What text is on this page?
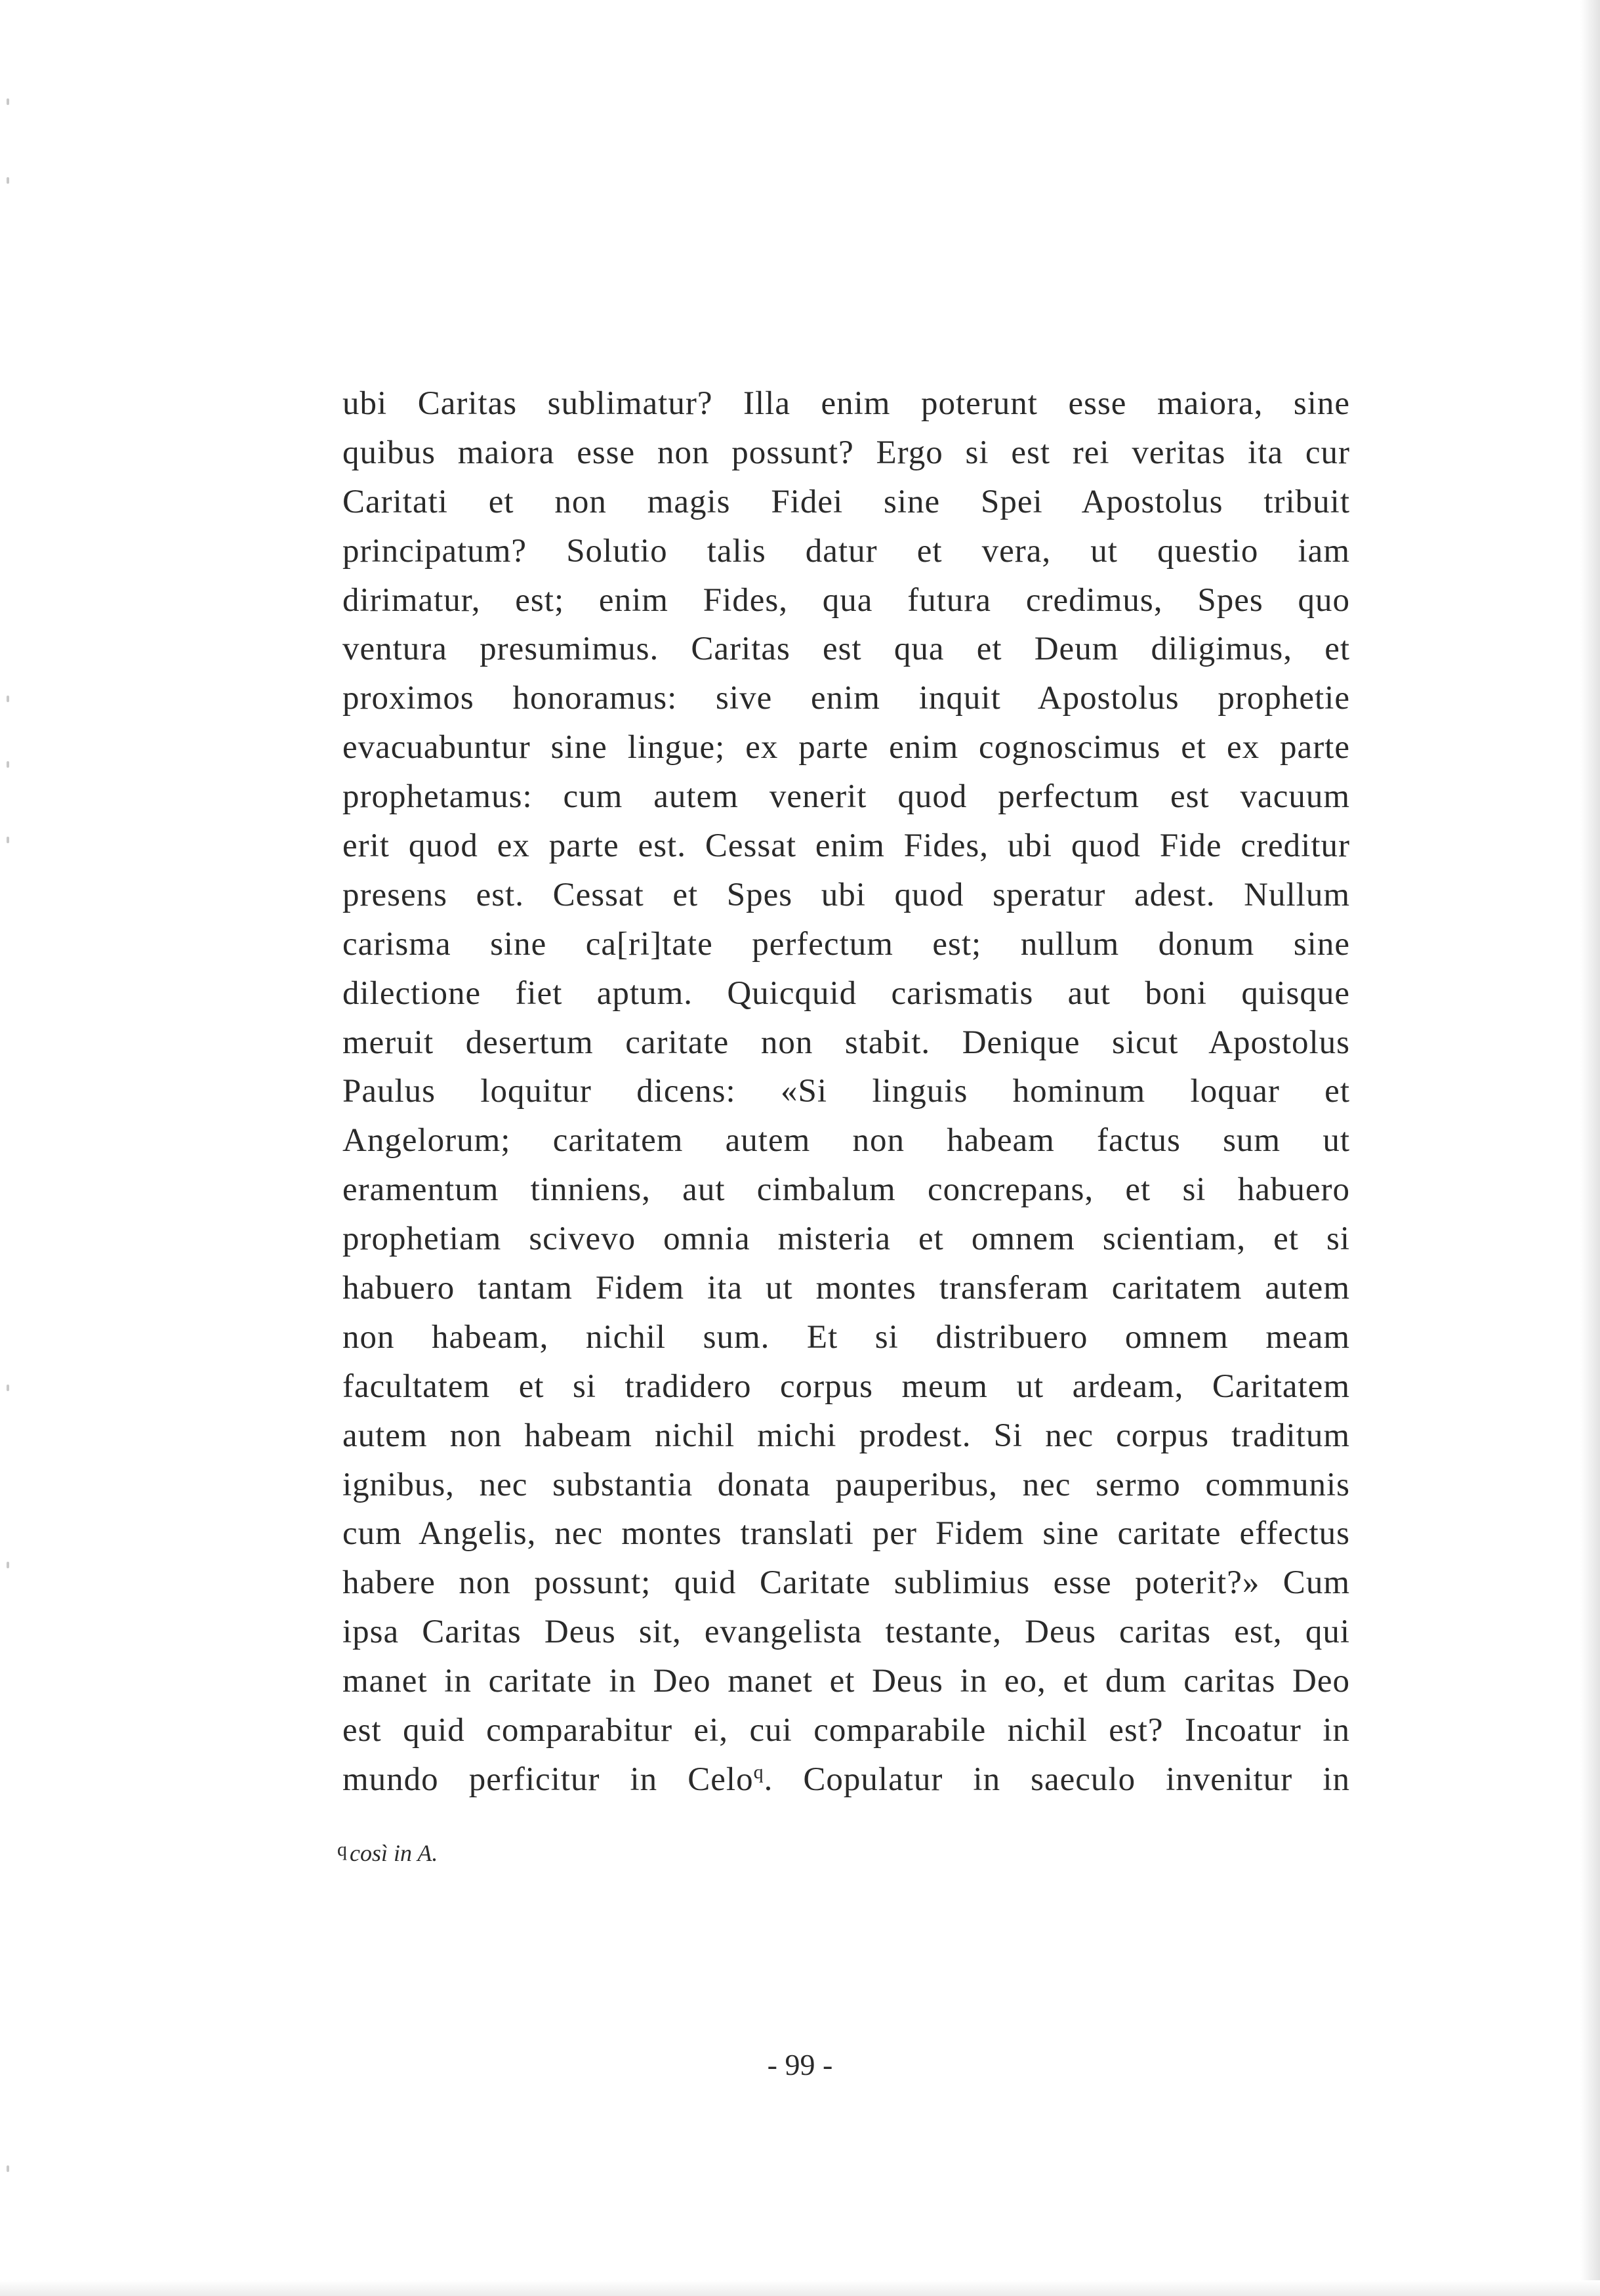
ubi Caritas sublimatur? Illa enim poterunt esse maiora, sine
quibus maiora esse non possunt? Ergo si est rei veritas ita cur
Caritati et non magis Fidei sine Spei Apostolus tribuit
principatum? Solutio talis datur et vera, ut questio iam
dirimatur, est; enim Fides, qua futura credimus, Spes quo
ventura presumimus. Caritas est qua et Deum diligimus, et
proximos honoramus: sive enim inquit Apostolus prophetie
evacuabuntur sine lingue; ex parte enim cognoscimus et ex parte
prophetamus: cum autem venerit quod perfectum est vacuum
erit quod ex parte est. Cessat enim Fides, ubi quod Fide creditur
presens est. Cessat et Spes ubi quod speratur adest. Nullum
carisma sine ca[ri]tate perfectum est; nullum donum sine
dilectione fiet aptum. Quicquid carismatis aut boni quisque
meruit desertum caritate non stabit. Denique sicut Apostolus
Paulus loquitur dicens: «Si linguis hominum loquar et
Angelorum; caritatem autem non habeam factus sum ut
eramentum tinniens, aut cimbalum concrepans, et si habuero
prophetiam scivevo omnia misteria et omnem scientiam, et si
habuero tantam Fidem ita ut montes transferam caritatem autem
non habeam, nichil sum. Et si distribuero omnem meam
facultatem et si tradidero corpus meum ut ardeam, Caritatem
autem non habeam nichil michi prodest. Si nec corpus traditum
ignibus, nec substantia donata pauperibus, nec sermo communis
cum Angelis, nec montes translati per Fidem sine caritate effectus
habere non possunt; quid Caritate sublimius esse poterit?» Cum
ipsa Caritas Deus sit, evangelista testante, Deus caritas est, qui
manet in caritate in Deo manet et Deus in eo, et dum caritas Deo
est quid comparabitur ei, cui comparabile nichil est? Incoatur in
mundo perficitur in Celo$^q$. Copulatur in saeculo invenitur in

$^q$ così in A.

- 99 -
